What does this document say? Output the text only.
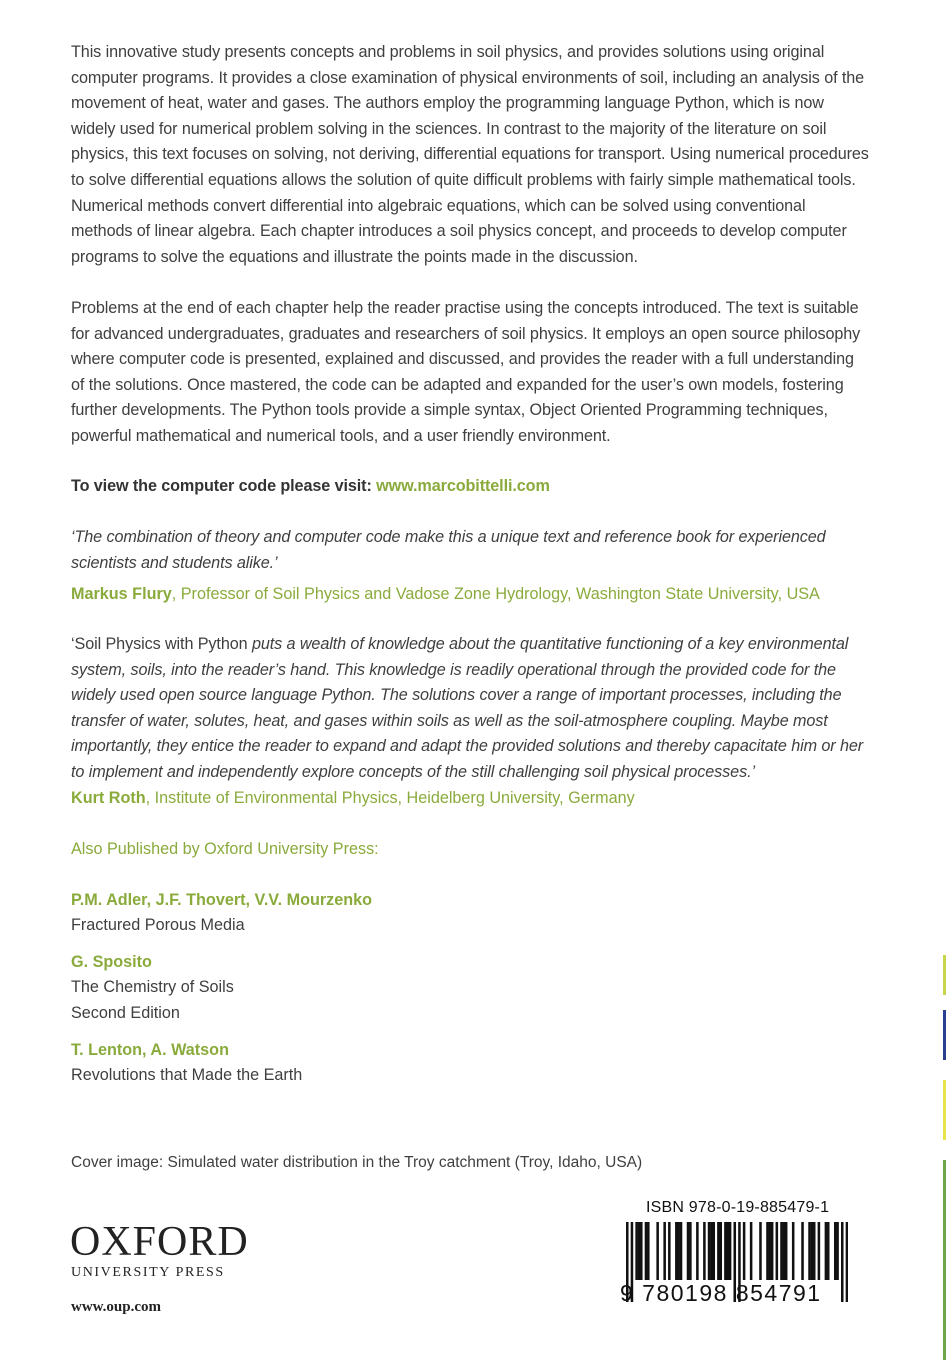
This innovative study presents concepts and problems in soil physics, and provides solutions using original computer programs. It provides a close examination of physical environments of soil, including an analysis of the movement of heat, water and gases. The authors employ the programming language Python, which is now widely used for numerical problem solving in the sciences. In contrast to the majority of the literature on soil physics, this text focuses on solving, not deriving, differential equations for transport. Using numerical procedures to solve differential equations allows the solution of quite difficult problems with fairly simple mathematical tools. Numerical methods convert differential into algebraic equations, which can be solved using conventional methods of linear algebra. Each chapter introduces a soil physics concept, and proceeds to develop computer programs to solve the equations and illustrate the points made in the discussion.

Problems at the end of each chapter help the reader practise using the concepts introduced. The text is suitable for advanced undergraduates, graduates and researchers of soil physics. It employs an open source philosophy where computer code is presented, explained and discussed, and provides the reader with a full understanding of the solutions. Once mastered, the code can be adapted and expanded for the user’s own models, fostering further developments. The Python tools provide a simple syntax, Object Oriented Programming techniques, powerful mathematical and numerical tools, and a user friendly environment.

To view the computer code please visit: www.marcobittelli.com

‘The combination of theory and computer code make this a unique text and reference book for experienced scientists and students alike.’

Markus Flury, Professor of Soil Physics and Vadose Zone Hydrology, Washington State University, USA

‘Soil Physics with Python puts a wealth of knowledge about the quantitative functioning of a key environmental system, soils, into the reader’s hand. This knowledge is readily operational through the provided code for the widely used open source language Python. The solutions cover a range of important processes, including the transfer of water, solutes, heat, and gases within soils as well as the soil-atmosphere coupling. Maybe most importantly, they entice the reader to expand and adapt the provided solutions and thereby capacitate him or her to implement and independently explore concepts of the still challenging soil physical processes.’

Kurt Roth, Institute of Environmental Physics, Heidelberg University, Germany

Also Published by Oxford University Press:

P.M. Adler, J.F. Thovert, V.V. Mourzenko

Fractured Porous Media

G. Sposito

The Chemistry of Soils

Second Edition

T. Lenton, A. Watson

Revolutions that Made the Earth

Cover image: Simulated water distribution in the Troy catchment (Troy, Idaho, USA)

OXFORD
UNIVERSITY PRESS
www.oup.com
ISBN 978-0-19-885479-1
9 780198 854791
